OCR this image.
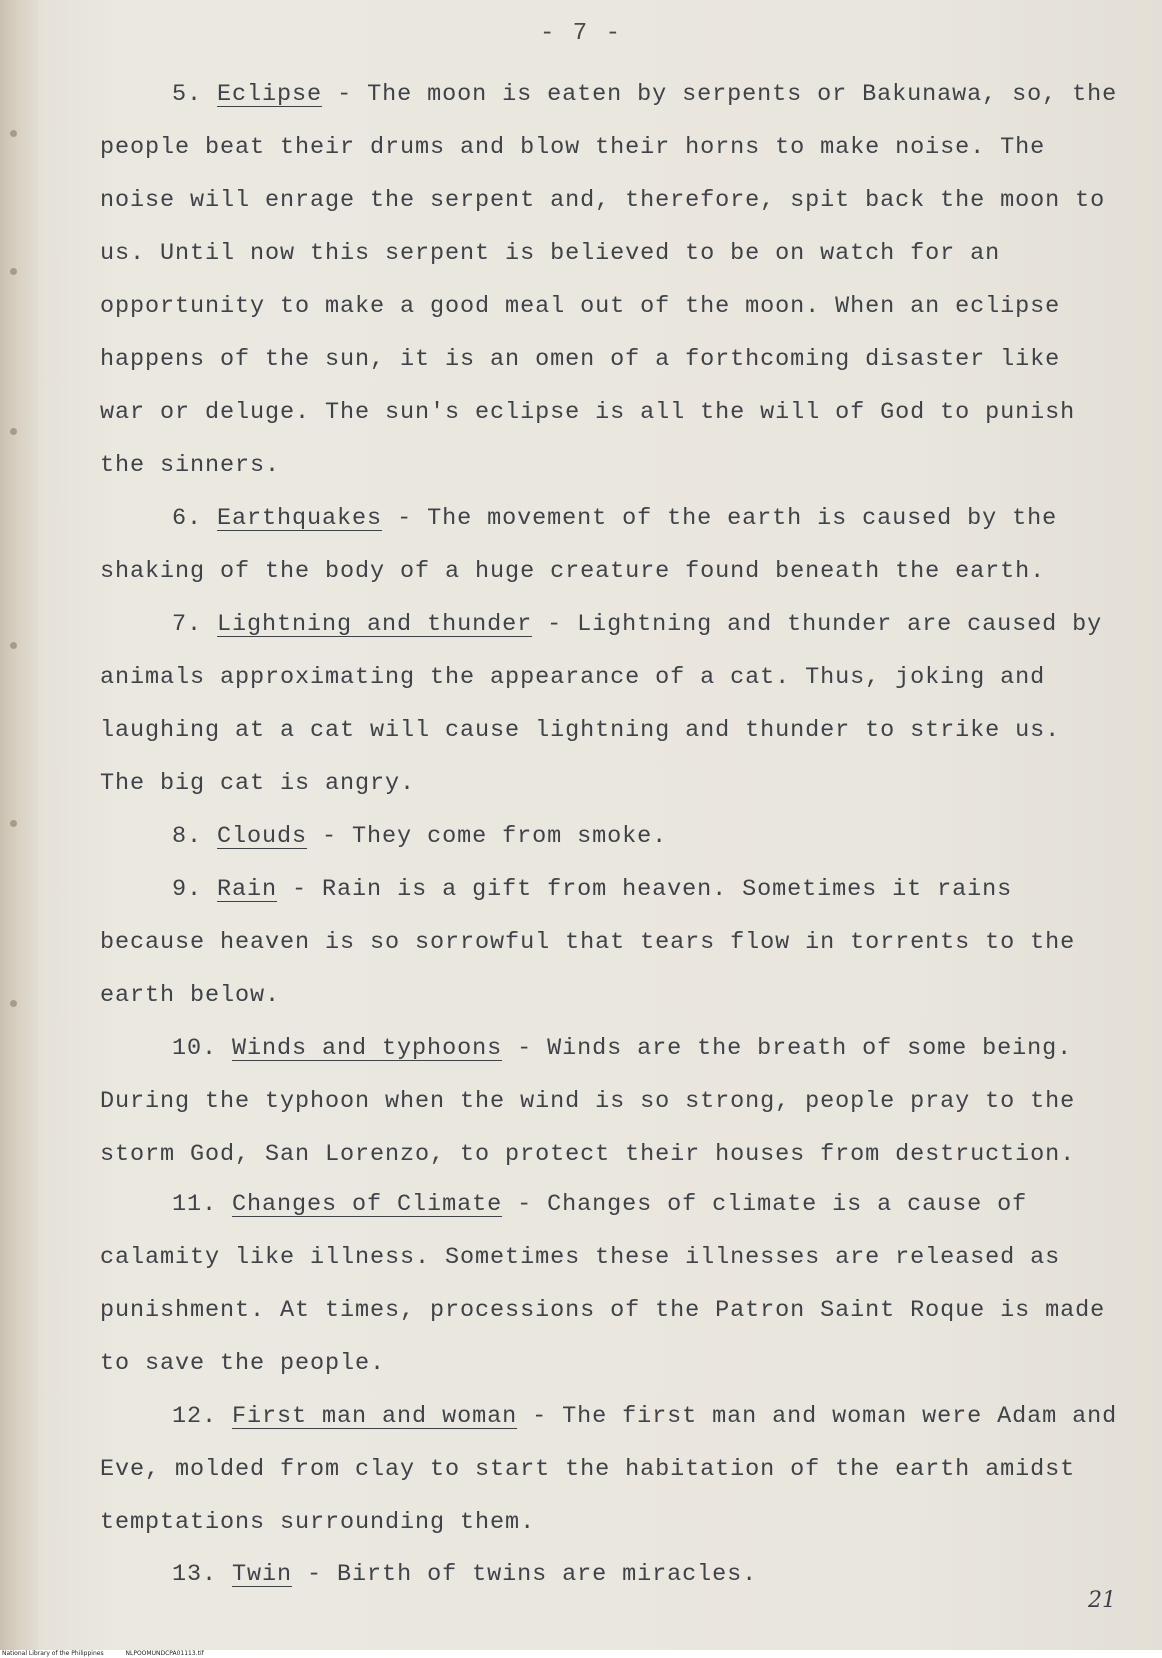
- 7 -
5. Eclipse - The moon is eaten by serpents or Bakunawa, so, the people beat their drums and blow their horns to make noise. The noise will enrage the serpent and, therefore, spit back the moon to us. Until now this serpent is believed to be on watch for an opportunity to make a good meal out of the moon. When an eclipse happens of the sun, it is an omen of a forthcoming disaster like war or deluge. The sun's eclipse is all the will of God to punish the sinners.
6. Earthquakes - The movement of the earth is caused by the shaking of the body of a huge creature found beneath the earth.
7. Lightning and thunder - Lightning and thunder are caused by animals approximating the appearance of a cat. Thus, joking and laughing at a cat will cause lightning and thunder to strike us. The big cat is angry.
8. Clouds - They come from smoke.
9. Rain - Rain is a gift from heaven. Sometimes it rains because heaven is so sorrowful that tears flow in torrents to the earth below.
10. Winds and typhoons - Winds are the breath of some being. During the typhoon when the wind is so strong, people pray to the storm God, San Lorenzo, to protect their houses from destruction.
11. Changes of Climate - Changes of climate is a cause of calamity like illness. Sometimes these illnesses are released as punishment. At times, processions of the Patron Saint Roque is made to save the people.
12. First man and woman - The first man and woman were Adam and Eve, molded from clay to start the habitation of the earth amidst temptations surrounding them.
13. Twin - Birth of twins are miracles.
21
National Library of the Philippines	NLPOOMUNDCPA01113.tif
